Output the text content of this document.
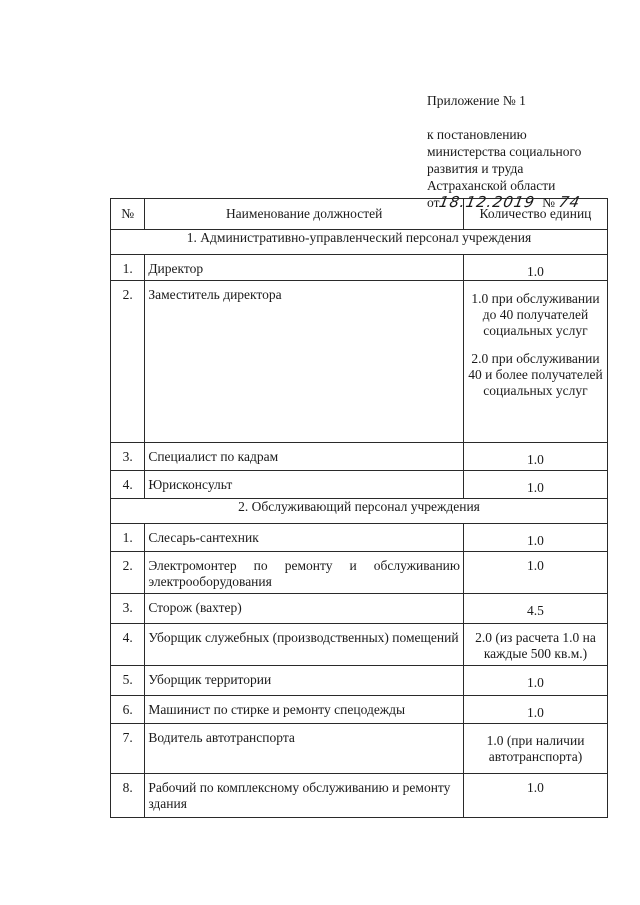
Приложение № 1
к постановлению
министерства социального
развития и труда
Астраханской области
от18.12.2019 № 74
№	Наименование должностей	Количество единиц
1. Административно-управленческий персонал учреждения		

1.	Директор	1.0

2.	Заместитель директора	1.0 при обслуживании до 40 получателей социальных услуг
2.0 при обслуживании 40 и более получателей социальных услуг

3.	Специалист по кадрам	1.0

4.	Юрисконсульт	1.0

2. Обслуживающий персонал учреждения		

1.	Слесарь-сантехник	1.0

2.	Электромонтер по ремонту и обслуживанию электрооборудования	1.0

3.	Сторож (вахтер)	4.5

4.	Уборщик служебных (производственных) помещений	2.0 (из расчета 1.0 на каждые 500 кв.м.)

5.	Уборщик территории	1.0

6.	Машинист по стирке и ремонту спецодежды	1.0

7.	Водитель автотранспорта	1.0 (при наличии автотранспорта)

8.	Рабочий по комплексному обслуживанию и ремонту здания	1.0
